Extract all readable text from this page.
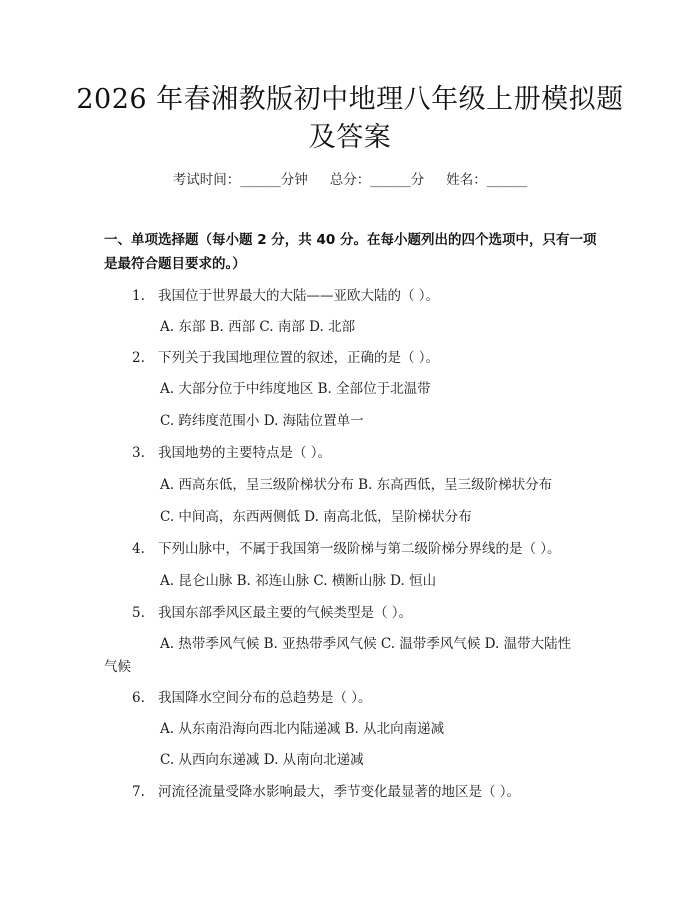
2026 年春湘教版初中地理八年级上册模拟题
及答案
考试时间：______分钟 总分：______分 姓名：______
一、单项选择题（每小题 2 分，共 40 分。在每小题列出的四个选项中，只有一项
是最符合题目要求的。）
1. 我国位于世界最大的大陆——亚欧大陆的（ ）。
A. 东部 B. 西部 C. 南部 D. 北部
2. 下列关于我国地理位置的叙述，正确的是（ ）。
A. 大部分位于中纬度地区 B. 全部位于北温带
C. 跨纬度范围小 D. 海陆位置单一
3. 我国地势的主要特点是（ ）。
A. 西高东低，呈三级阶梯状分布 B. 东高西低，呈三级阶梯状分布
C. 中间高，东西两侧低 D. 南高北低，呈阶梯状分布
4. 下列山脉中，不属于我国第一级阶梯与第二级阶梯分界线的是（ ）。
A. 昆仑山脉 B. 祁连山脉 C. 横断山脉 D. 恒山
5. 我国东部季风区最主要的气候类型是（ ）。
A. 热带季风气候 B. 亚热带季风气候 C. 温带季风气候 D. 温带大陆性
气候
6. 我国降水空间分布的总趋势是（ ）。
A. 从东南沿海向西北内陆递减 B. 从北向南递减
C. 从西向东递减 D. 从南向北递减
7. 河流径流量受降水影响最大，季节变化最显著的地区是（ ）。
